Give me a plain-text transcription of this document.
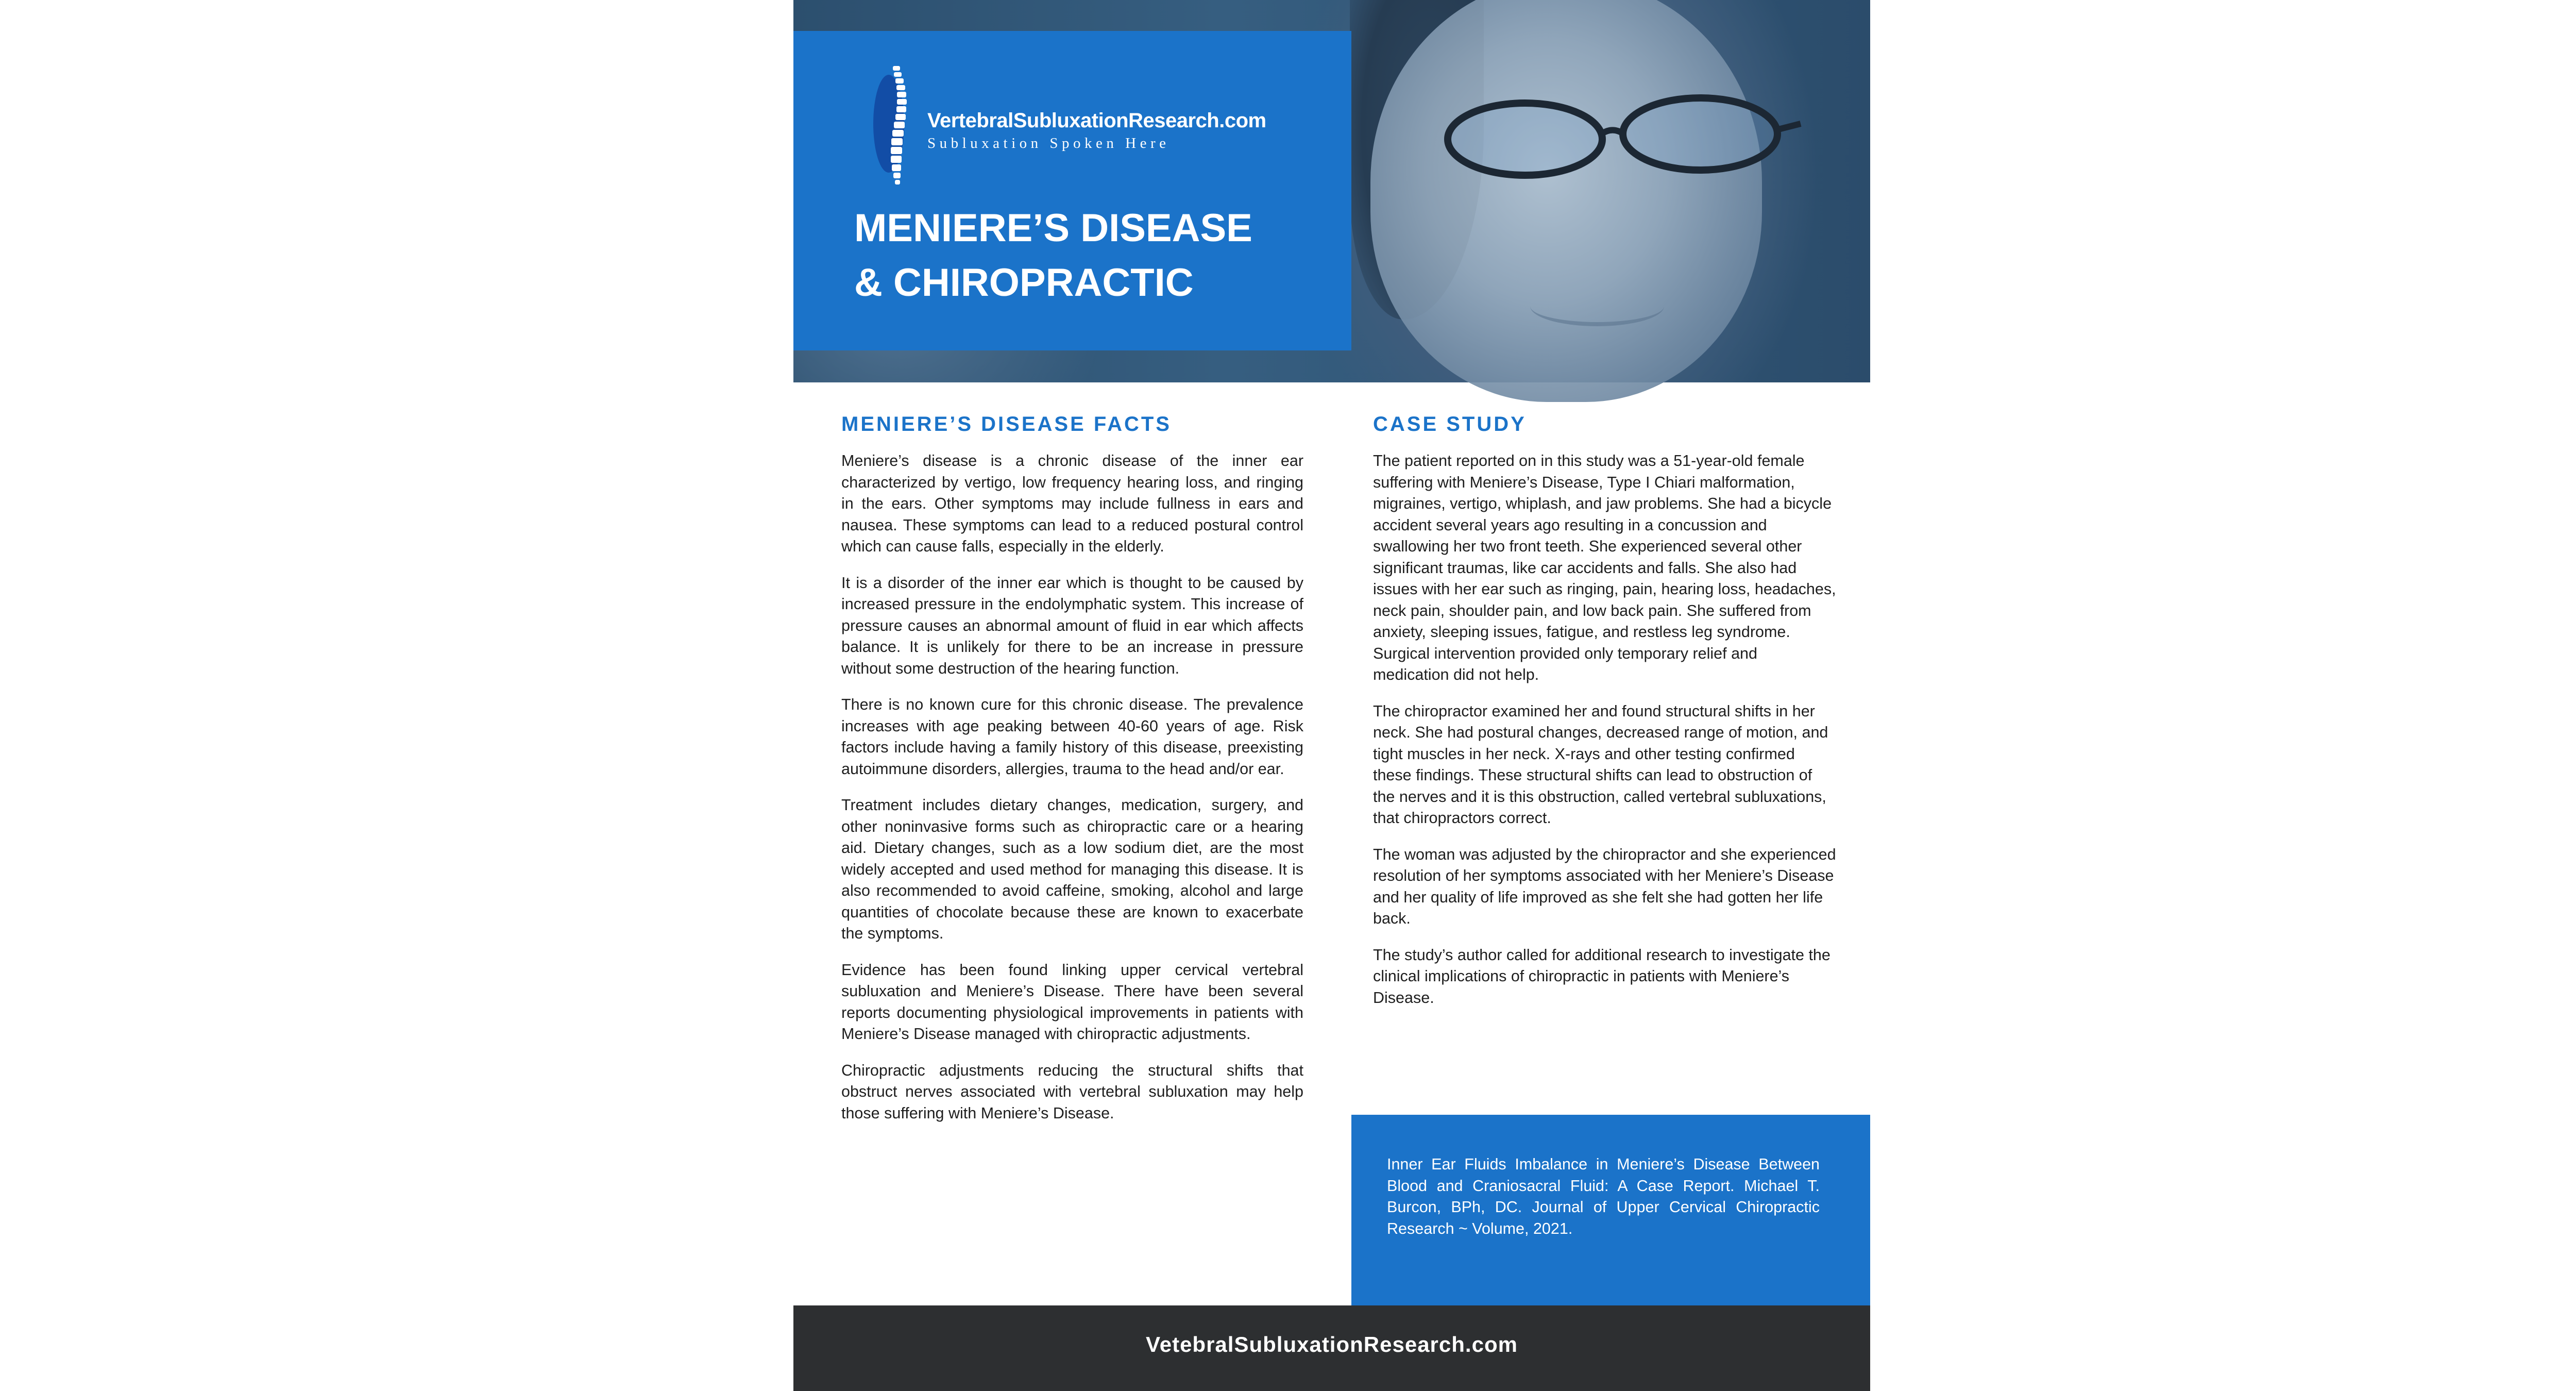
VertebralSubluxationResearch.com
Subluxation Spoken Here
MENIERE’S DISEASE
& CHIROPRACTIC
MENIERE’S DISEASE FACTS

Meniere’s disease is a chronic disease of the inner ear characterized by vertigo, low frequency hearing loss, and ringing in the ears. Other symptoms may include fullness in ears and nausea. These symptoms can lead to a reduced postural control which can cause falls, especially in the elderly.

It is a disorder of the inner ear which is thought to be caused by increased pressure in the endolymphatic system. This increase of pressure causes an abnormal amount of fluid in ear which affects balance. It is unlikely for there to be an increase in pressure without some destruction of the hearing function.

There is no known cure for this chronic disease. The prevalence increases with age peaking between 40-60 years of age. Risk factors include having a family history of this disease, preexisting autoimmune disorders, allergies, trauma to the head and/or ear.

Treatment includes dietary changes, medication, surgery, and other noninvasive forms such as chiropractic care or a hearing aid. Dietary changes, such as a low sodium diet, are the most widely accepted and used method for managing this disease. It is also recommended to avoid caffeine, smoking, alcohol and large quantities of chocolate because these are known to exacerbate the symptoms.

Evidence has been found linking upper cervical vertebral subluxation and Meniere’s Disease. There have been several reports documenting physiological improvements in patients with Meniere’s Disease managed with chiropractic adjustments.

Chiropractic adjustments reducing the structural shifts that obstruct nerves associated with vertebral subluxation may help those suffering with Meniere’s Disease.

CASE STUDY

The patient reported on in this study was a 51-year-old female suffering with Meniere’s Disease, Type I Chiari malformation, migraines, vertigo, whiplash, and jaw problems. She had a bicycle accident several years ago resulting in a concussion and swallowing her two front teeth. She experienced several other significant traumas, like car accidents and falls. She also had issues with her ear such as ringing, pain, hearing loss, headaches, neck pain, shoulder pain, and low back pain. She suffered from anxiety, sleeping issues, fatigue, and restless leg syndrome. Surgical intervention provided only temporary relief and medication did not help.

The chiropractor examined her and found structural shifts in her neck. She had postural changes, decreased range of motion, and tight muscles in her neck. X-rays and other testing confirmed these findings. These structural shifts can lead to obstruction of the nerves and it is this obstruction, called vertebral subluxations, that chiropractors correct.

The woman was adjusted by the chiropractor and she experienced resolution of her symptoms associated with her Meniere’s Disease and her quality of life improved as she felt she had gotten her life back.

The study’s author called for additional research to investigate the clinical implications of chiropractic in patients with Meniere’s Disease.

Inner Ear Fluids Imbalance in Meniere’s Disease Between Blood and Craniosacral Fluid: A Case Report. Michael T. Burcon, BPh, DC. Journal of Upper Cervical Chiropractic Research ~ Volume, 2021.
VetebralSubluxationResearch.com
